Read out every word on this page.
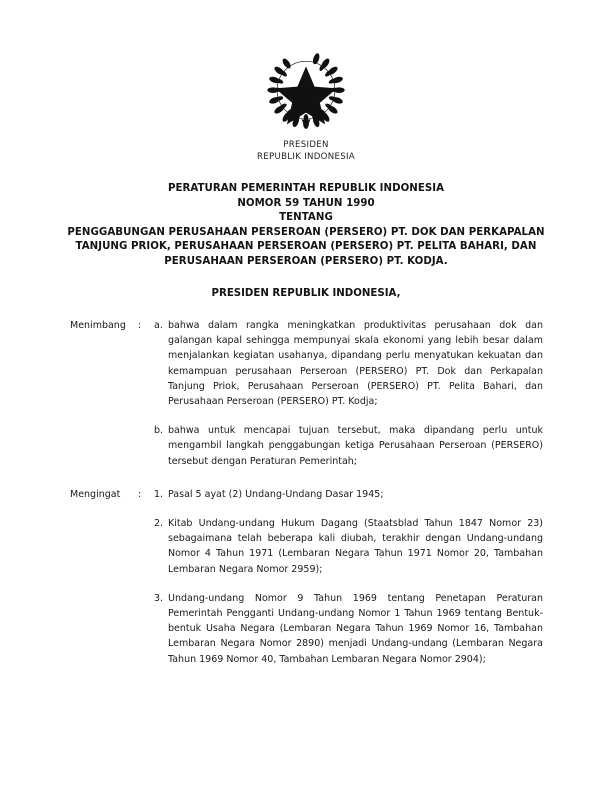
PRESIDEN
REPUBLIK INDONESIA
PERATURAN PEMERINTAH REPUBLIK INDONESIA
NOMOR 59 TAHUN 1990
TENTANG
PENGGABUNGAN PERUSAHAAN PERSEROAN (PERSERO) PT. DOK DAN PERKAPALAN
TANJUNG PRIOK, PERUSAHAAN PERSEROAN (PERSERO) PT. PELITA BAHARI, DAN
PERUSAHAAN PERSEROAN (PERSERO) PT. KODJA.
PRESIDEN REPUBLIK INDONESIA,
Menimbang	:	a. bahwa dalam rangka meningkatkan produktivitas perusahaan dok dan galangan kapal sehingga mempunyai skala ekonomi yang lebih besar dalam menjalankan kegiatan usahanya, dipandang perlu menyatukan kekuatan dan kemampuan perusahaan Perseroan (PERSERO) PT. Dok dan Perkapalan Tanjung Priok, Perusahaan Perseroan (PERSERO) PT. Pelita Bahari, dan Perusahaan Perseroan (PERSERO) PT. Kodja;
b. bahwa untuk mencapai tujuan tersebut, maka dipandang perlu untuk mengambil langkah penggabungan ketiga Perusahaan Perseroan (PERSERO) tersebut dengan Peraturan Pemerintah;
Mengingat	:	1. Pasal 5 ayat (2) Undang-Undang Dasar 1945;
2. Kitab Undang-undang Hukum Dagang (Staatsblad Tahun 1847 Nomor 23) sebagaimana telah beberapa kali diubah, terakhir dengan Undang-undang Nomor 4 Tahun 1971 (Lembaran Negara Tahun 1971 Nomor 20, Tambahan Lembaran Negara Nomor 2959);
3. Undang-undang Nomor 9 Tahun 1969 tentang Penetapan Peraturan Pemerintah Pengganti Undang-undang Nomor 1 Tahun 1969 tentang Bentuk-bentuk Usaha Negara (Lembaran Negara Tahun 1969 Nomor 16, Tambahan Lembaran Negara Nomor 2890) menjadi Undang-undang (Lembaran Negara Tahun 1969 Nomor 40, Tambahan Lembaran Negara Nomor 2904);
